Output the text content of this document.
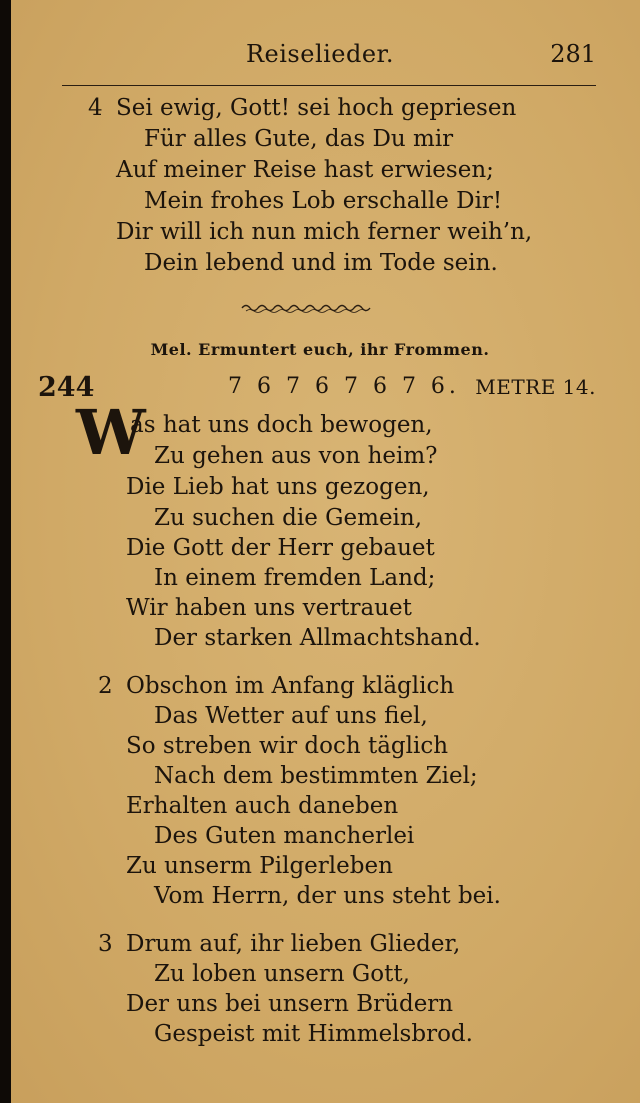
Reiselieder.	281
4 Sei ewig, Gott! sei hoch gepriesen
Für alles Gute, das Du mir
Auf meiner Reise hast erwiesen;
Mein frohes Lob erschalle Dir!
Dir will ich nun mich ferner weih’n,
Dein lebend und im Tode sein.
Mel. Ermuntert euch, ihr Frommen.
244	7 6 7 6 7 6 7 6. METRE 14.
W
as hat uns doch bewogen,
Zu gehen aus von heim?
Die Lieb hat uns gezogen,
Zu suchen die Gemein,
Die Gott der Herr gebauet
In einem fremden Land;
Wir haben uns vertrauet
Der starken Allmachtshand.
2 Obschon im Anfang kläglich
Das Wetter auf uns fiel,
So streben wir doch täglich
Nach dem bestimmten Ziel;
Erhalten auch daneben
Des Guten mancherlei
Zu unserm Pilgerleben
Vom Herrn, der uns steht bei.
3 Drum auf, ihr lieben Glieder,
Zu loben unsern Gott,
Der uns bei unsern Brüdern
Gespeist mit Himmelsbrod.
